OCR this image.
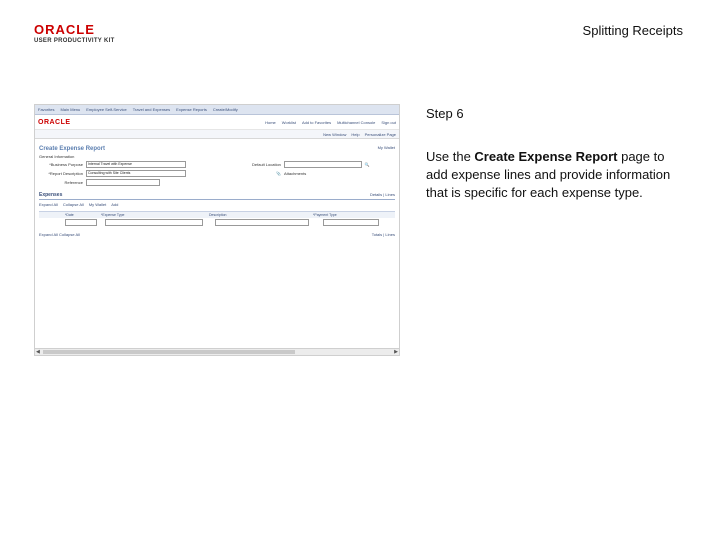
ORACLE
USER PRODUCTIVITY KIT
Splitting Receipts
Favorites Main Menu Employee Self-Service Travel and Expenses Expense Reports Create/Modify
ORACLE	Home Worklist Add to Favorites Multichannel Console Sign out
New Window Help Personalize Page
Create Expense Report	My Wallet
General Information
*Business Purpose	Internal Travel with Expense	Default Location	🔍
*Report Description	Consulting with Site Clients	📎 Attachments
Reference
Expenses	Details | Lines
Expand All Collapse All My Wallet Add
*Date	*Expense Type	Description	*Payment Type
Expand All Collapse All	Totals | Lines
◀	▶
Step 6
Use the Create Expense Report page to add expense lines and provide information that is specific for each expense type.
